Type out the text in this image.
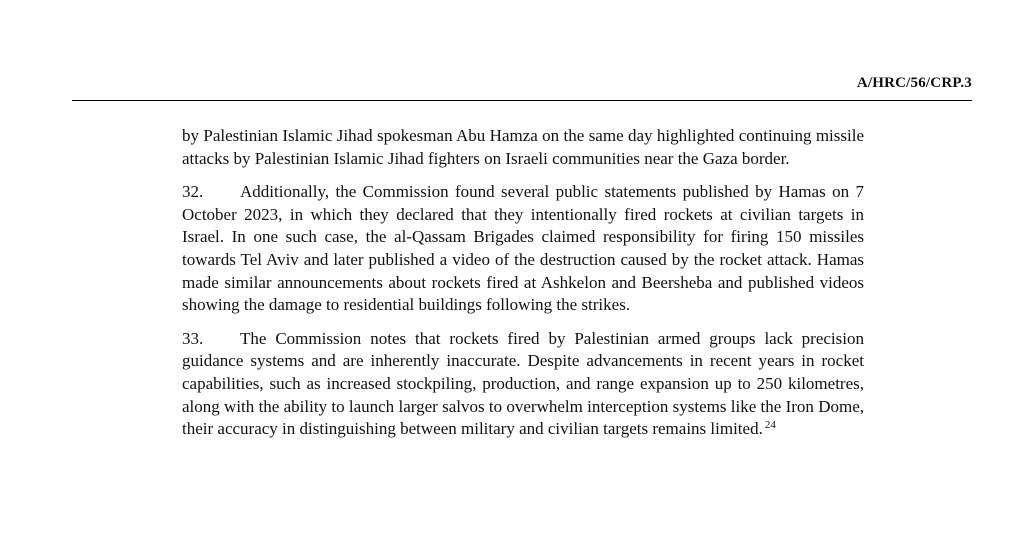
A/HRC/56/CRP.3

by Palestinian Islamic Jihad spokesman Abu Hamza on the same day highlighted continuing missile attacks by Palestinian Islamic Jihad fighters on Israeli communities near the Gaza border.

32. Additionally, the Commission found several public statements published by Hamas on 7 October 2023, in which they declared that they intentionally fired rockets at civilian targets in Israel. In one such case, the al-Qassam Brigades claimed responsibility for firing 150 missiles towards Tel Aviv and later published a video of the destruction caused by the rocket attack. Hamas made similar announcements about rockets fired at Ashkelon and Beersheba and published videos showing the damage to residential buildings following the strikes.

33. The Commission notes that rockets fired by Palestinian armed groups lack precision guidance systems and are inherently inaccurate. Despite advancements in recent years in rocket capabilities, such as increased stockpiling, production, and range expansion up to 250 kilometres, along with the ability to launch larger salvos to overwhelm interception systems like the Iron Dome, their accuracy in distinguishing between military and civilian targets remains limited. $^{24}$
